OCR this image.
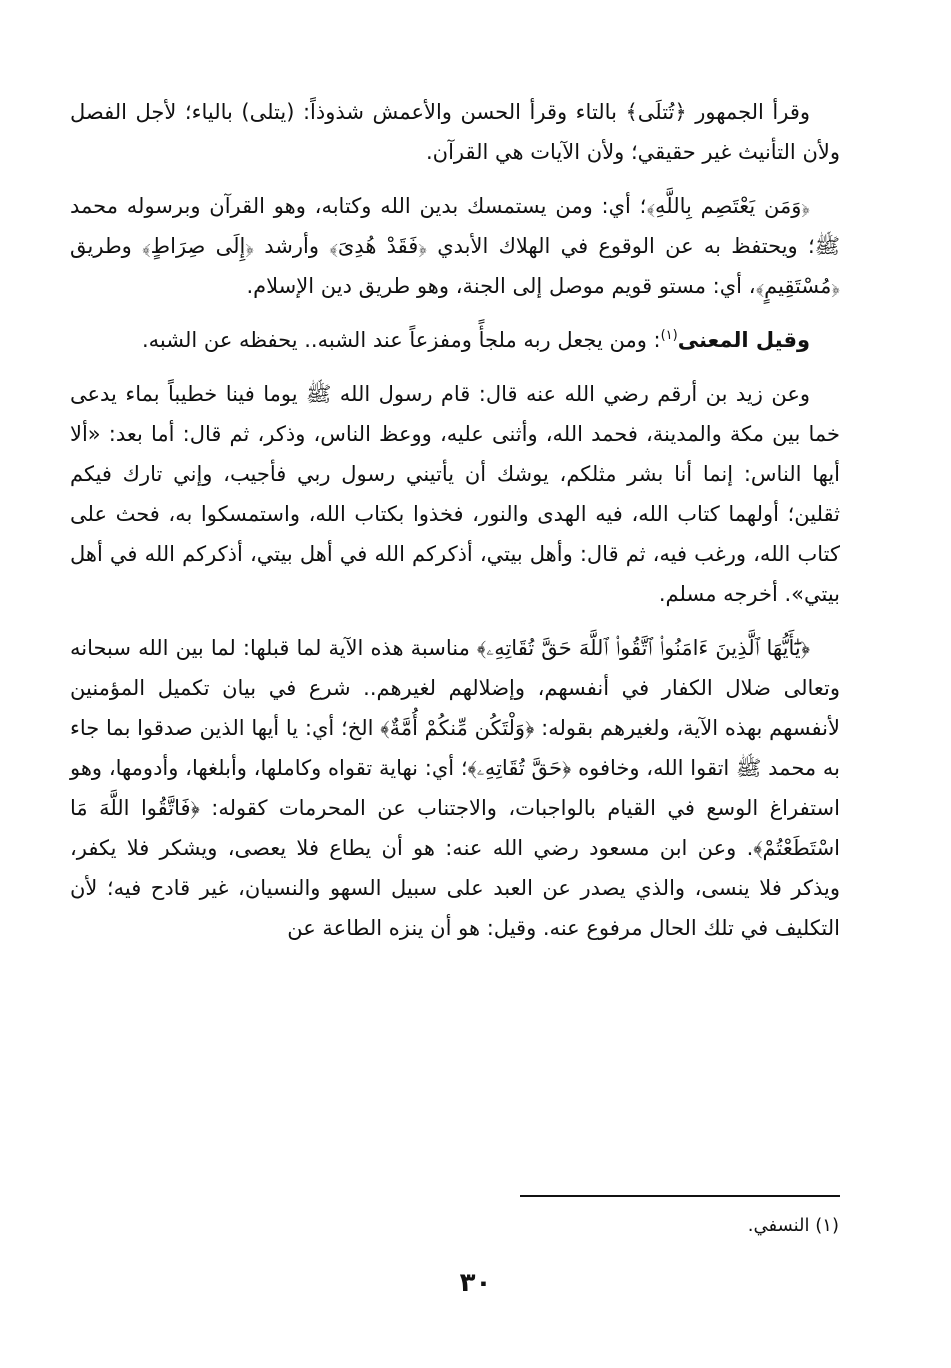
وقرأ الجمهور ﴿تُتلَى﴾ بالتاء وقرأ الحسن والأعمش شذوذاً: (يتلى) بالياء؛ لأجل الفصل ولأن التأنيث غير حقيقي؛ ولأن الآيات هي القرآن.

﴿وَمَن يَعْتَصِم بِاللَّهِ﴾؛ أي: ومن يستمسك بدين الله وكتابه، وهو القرآن وبرسوله محمد ﷺ؛ ويحتفظ به عن الوقوع في الهلاك الأبدي ﴿فَقَدْ هُدِىَ﴾ وأرشد ﴿إِلَى صِرَاطٍ﴾ وطريق ﴿مُسْتَقِيمٍ﴾، أي: مستو قويم موصل إلى الجنة، وهو طريق دين الإسلام.

وقيل المعنى$^{(١)}$: ومن يجعل ربه ملجأً ومفزعاً عند الشبه.. يحفظه عن الشبه.

وعن زيد بن أرقم رضي الله عنه قال: قام رسول الله ﷺ يوما فينا خطيباً بماء يدعى خما بين مكة والمدينة، فحمد الله، وأثنى عليه، ووعظ الناس، وذكر، ثم قال: أما بعد: «ألا أيها الناس: إنما أنا بشر مثلكم، يوشك أن يأتيني رسول ربي فأجيب، وإني تارك فيكم ثقلين؛ أولهما كتاب الله، فيه الهدى والنور، فخذوا بكتاب الله، واستمسكوا به، فحث على كتاب الله، ورغب فيه، ثم قال: وأهل بيتي، أذكركم الله في أهل بيتي، أذكركم الله في أهل بيتي». أخرجه مسلم.

﴿يَٰٓأَيُّهَا ٱلَّذِينَ ءَامَنُوا۟ ٱتَّقُوا۟ ٱللَّهَ حَقَّ تُقَاتِهِۦ﴾ مناسبة هذه الآية لما قبلها: لما بين الله سبحانه وتعالى ضلال الكفار في أنفسهم، وإضلالهم لغيرهم.. شرع في بيان تكميل المؤمنين لأنفسهم بهذه الآية، ولغيرهم بقوله: ﴿وَلْتَكُن مِّنكُمْ أُمَّةٌ﴾ الخ؛ أي: يا أيها الذين صدقوا بما جاء به محمد ﷺ اتقوا الله، وخافوه ﴿حَقَّ تُقَاتِهِۦ﴾؛ أي: نهاية تقواه وكاملها، وأبلغها، وأدومها، وهو استفراغ الوسع في القيام بالواجبات، والاجتناب عن المحرمات كقوله: ﴿فَاتَّقُوا اللَّهَ مَا اسْتَطَعْتُمْ﴾. وعن ابن مسعود رضي الله عنه: هو أن يطاع فلا يعصى، ويشكر فلا يكفر، ويذكر فلا ينسى، والذي يصدر عن العبد على سبيل السهو والنسيان، غير قادح فيه؛ لأن التكليف في تلك الحال مرفوع عنه. وقيل: هو أن ينزه الطاعة عن

(١) النسفي.
٣٠
